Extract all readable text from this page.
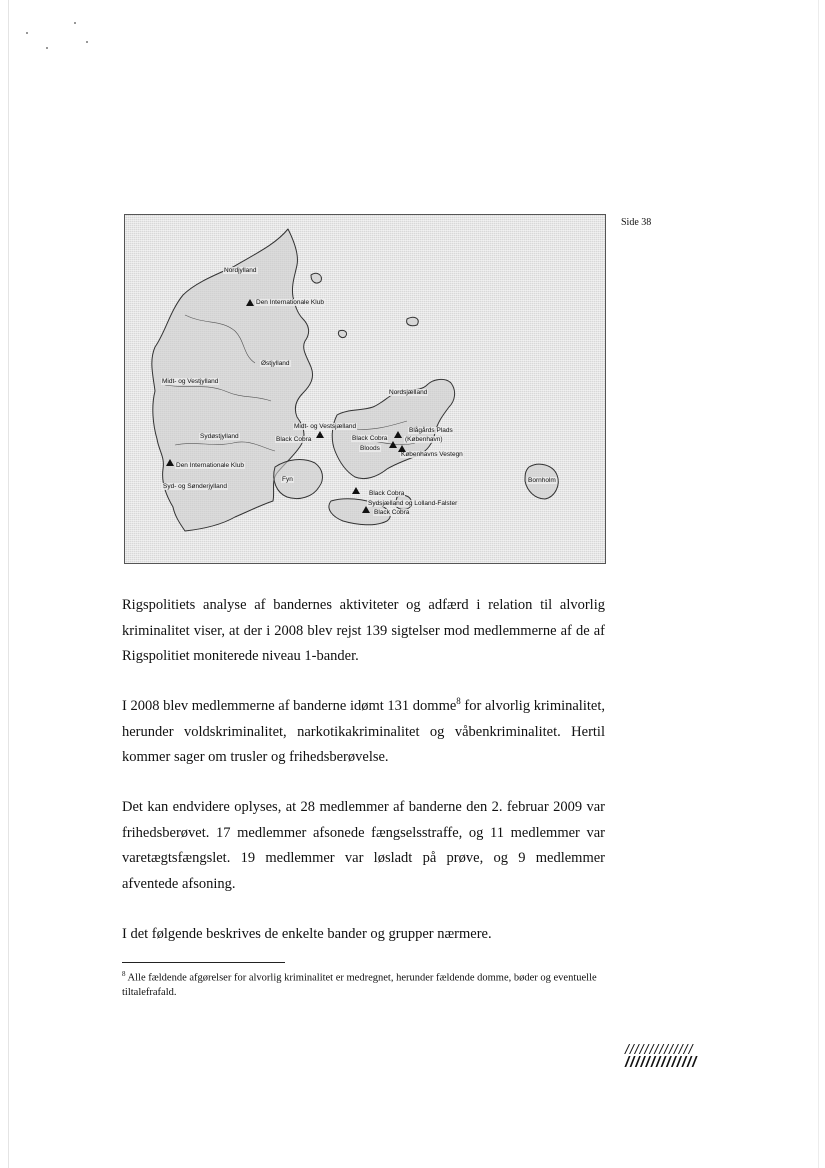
Side 38
Nordjylland
Østjylland
Midt- og Vestjylland
Sydøstjylland
Syd- og Sønderjylland
Fyn
Midt- og Vestsjælland
Nordsjælland
Københavns Vestegn
Sydsjælland og Lolland-Falster
Bornholm
Den Internationale Klub
Den Internationale Klub
Black Cobra	Black Cobra
Bloods
Blågårds Plads
(København)
Black Cobra
Black Cobra
Rigspolitiets analyse af bandernes aktiviteter og adfærd i relation til alvorlig kriminalitet viser, at der i 2008 blev rejst 139 sigtelser mod medlemmerne af de af Rigspolitiet moniterede niveau 1-bander.
I 2008 blev medlemmerne af banderne idømt 131 domme$^8$ for alvorlig kriminalitet, herunder voldskriminalitet, narkotikakriminalitet og våbenkriminalitet. Hertil kommer sager om trusler og frihedsberøvelse.
Det kan endvidere oplyses, at 28 medlemmer af banderne den 2. februar 2009 var frihedsberøvet. 17 medlemmer afsonede fængselsstraffe, og 11 medlemmer var varetægtsfængslet. 19 medlemmer var løsladt på prøve, og 9 medlemmer afventede afsoning.
I det følgende beskrives de enkelte bander og grupper nærmere.
$^8$ Alle fældende afgørelser for alvorlig kriminalitet er medregnet, herunder fældende domme, bøder og eventuelle tiltalefrafald.
//////////////
//////////////
